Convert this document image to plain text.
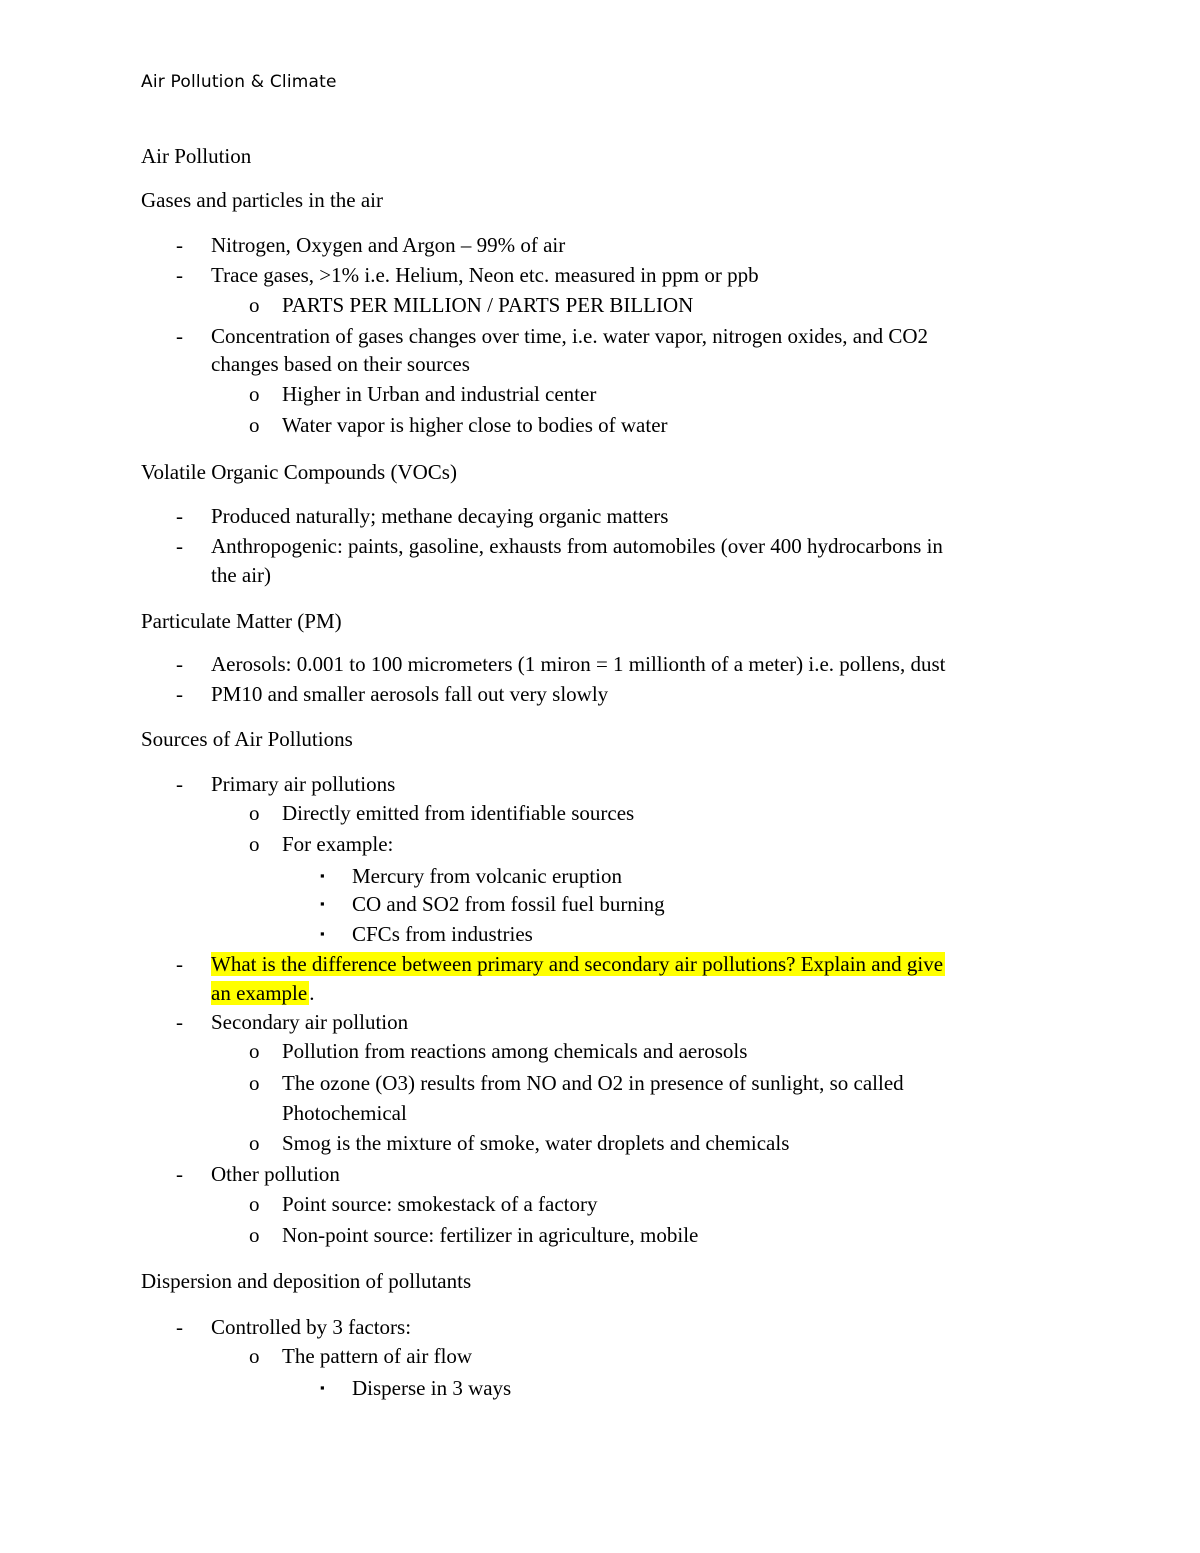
Air Pollution & Climate
Air Pollution
Gases and particles in the air
- Nitrogen, Oxygen and Argon – 99% of air
- Trace gases, >1% i.e. Helium, Neon etc. measured in ppm or ppb
o PARTS PER MILLION / PARTS PER BILLION
- Concentration of gases changes over time, i.e. water vapor, nitrogen oxides, and CO2
changes based on their sources
o Higher in Urban and industrial center
o Water vapor is higher close to bodies of water
Volatile Organic Compounds (VOCs)
- Produced naturally; methane decaying organic matters
- Anthropogenic: paints, gasoline, exhausts from automobiles (over 400 hydrocarbons in
the air)
Particulate Matter (PM)
- Aerosols: 0.001 to 100 micrometers (1 miron = 1 millionth of a meter) i.e. pollens, dust
- PM10 and smaller aerosols fall out very slowly
Sources of Air Pollutions
- Primary air pollutions
o Directly emitted from identifiable sources
o For example:
▪ Mercury from volcanic eruption
▪ CO and SO2 from fossil fuel burning
▪ CFCs from industries
- What is the difference between primary and secondary air pollutions? Explain and give
an example.
- Secondary air pollution
o Pollution from reactions among chemicals and aerosols
o The ozone (O3) results from NO and O2 in presence of sunlight, so called
Photochemical
o Smog is the mixture of smoke, water droplets and chemicals
- Other pollution
o Point source: smokestack of a factory
o Non-point source: fertilizer in agriculture, mobile
Dispersion and deposition of pollutants
- Controlled by 3 factors:
o The pattern of air flow
▪ Disperse in 3 ways
